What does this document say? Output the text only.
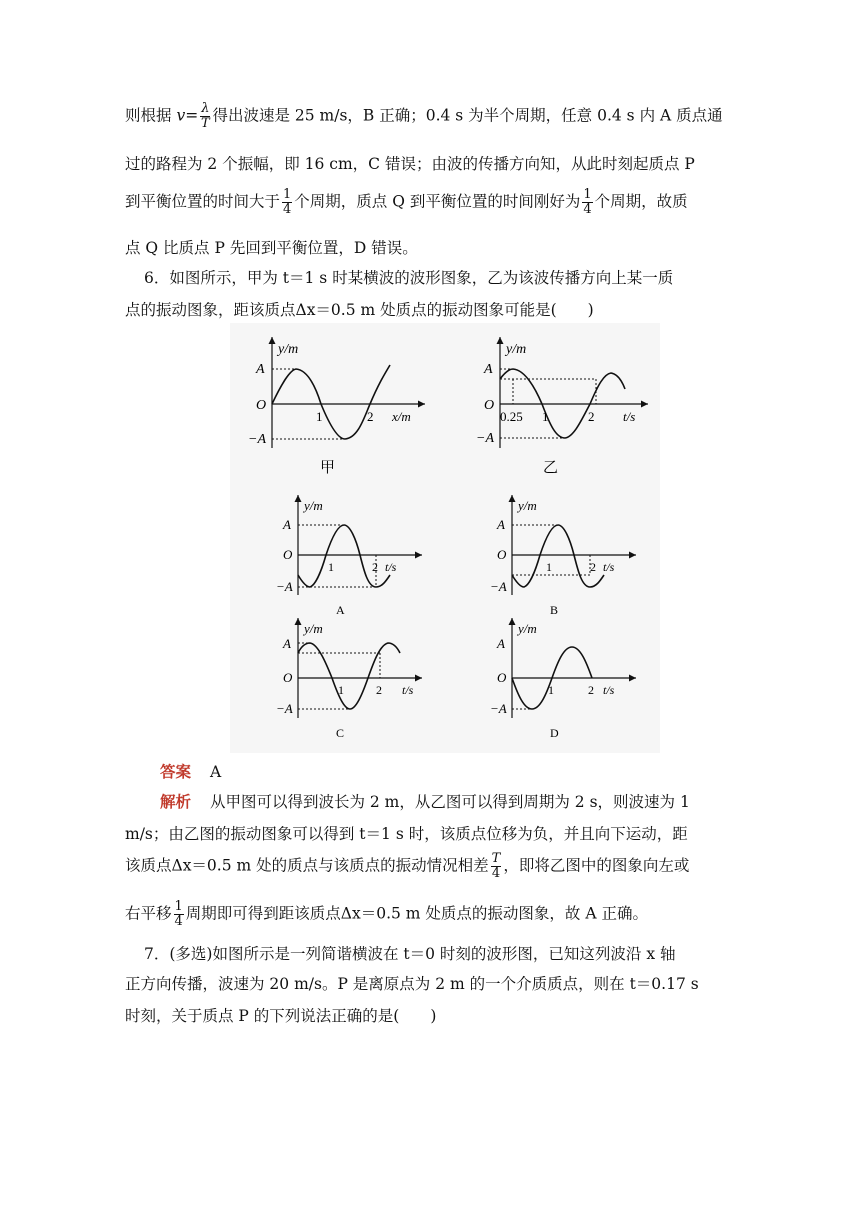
则根据 $v= \frac{\lambda}{T}$ 得出波速是 25 m/s，B 正确；0.4 s 为半个周期，任意 0.4 s 内 A 质点通
过的路程为 2 个振幅，即 16 cm，C 错误；由波的传播方向知，从此时刻起质点 P
到平衡位置的时间大于 $\frac{1}{4}$ 个周期，质点 Q 到平衡位置的时间刚好为 $\frac{1}{4}$ 个周期，故质
点 Q 比质点 P 先回到平衡位置，D 错误。
6．如图所示，甲为 t＝1 s 时某横波的波形图象，乙为该波传播方向上某一质
点的振动图象，距该质点Δx＝0.5 m 处质点的振动图象可能是(　　)
y/m
A
O
−A
1	2 x/m
甲
y/m
A
O
−A
0.25 1	2 t/s
乙
y/m
A
O
−A
1	2 t/s
A
y/m
A
O
−A
1	2 t/s
B
y/m
A
O
−A
1	2 t/s
C
y/m
A
O
−A
1	2 t/s
D
答案 A
解析 从甲图可以得到波长为 2 m，从乙图可以得到周期为 2 s，则波速为 1
m/s；由乙图的振动图象可以得到 t＝1 s 时，该质点位移为负，并且向下运动，距
该质点Δx＝0.5 m 处的质点与该质点的振动情况相差 $\frac{T}{4}$ ，即将乙图中的图象向左或
右平移 $\frac{1}{4}$ 周期即可得到距该质点Δx＝0.5 m 处质点的振动图象，故 A 正确。
7．(多选)如图所示是一列简谐横波在 t＝0 时刻的波形图，已知这列波沿 x 轴
正方向传播，波速为 20 m/s。P 是离原点为 2 m 的一个介质质点，则在 t＝0.17 s
时刻，关于质点 P 的下列说法正确的是(　　)
